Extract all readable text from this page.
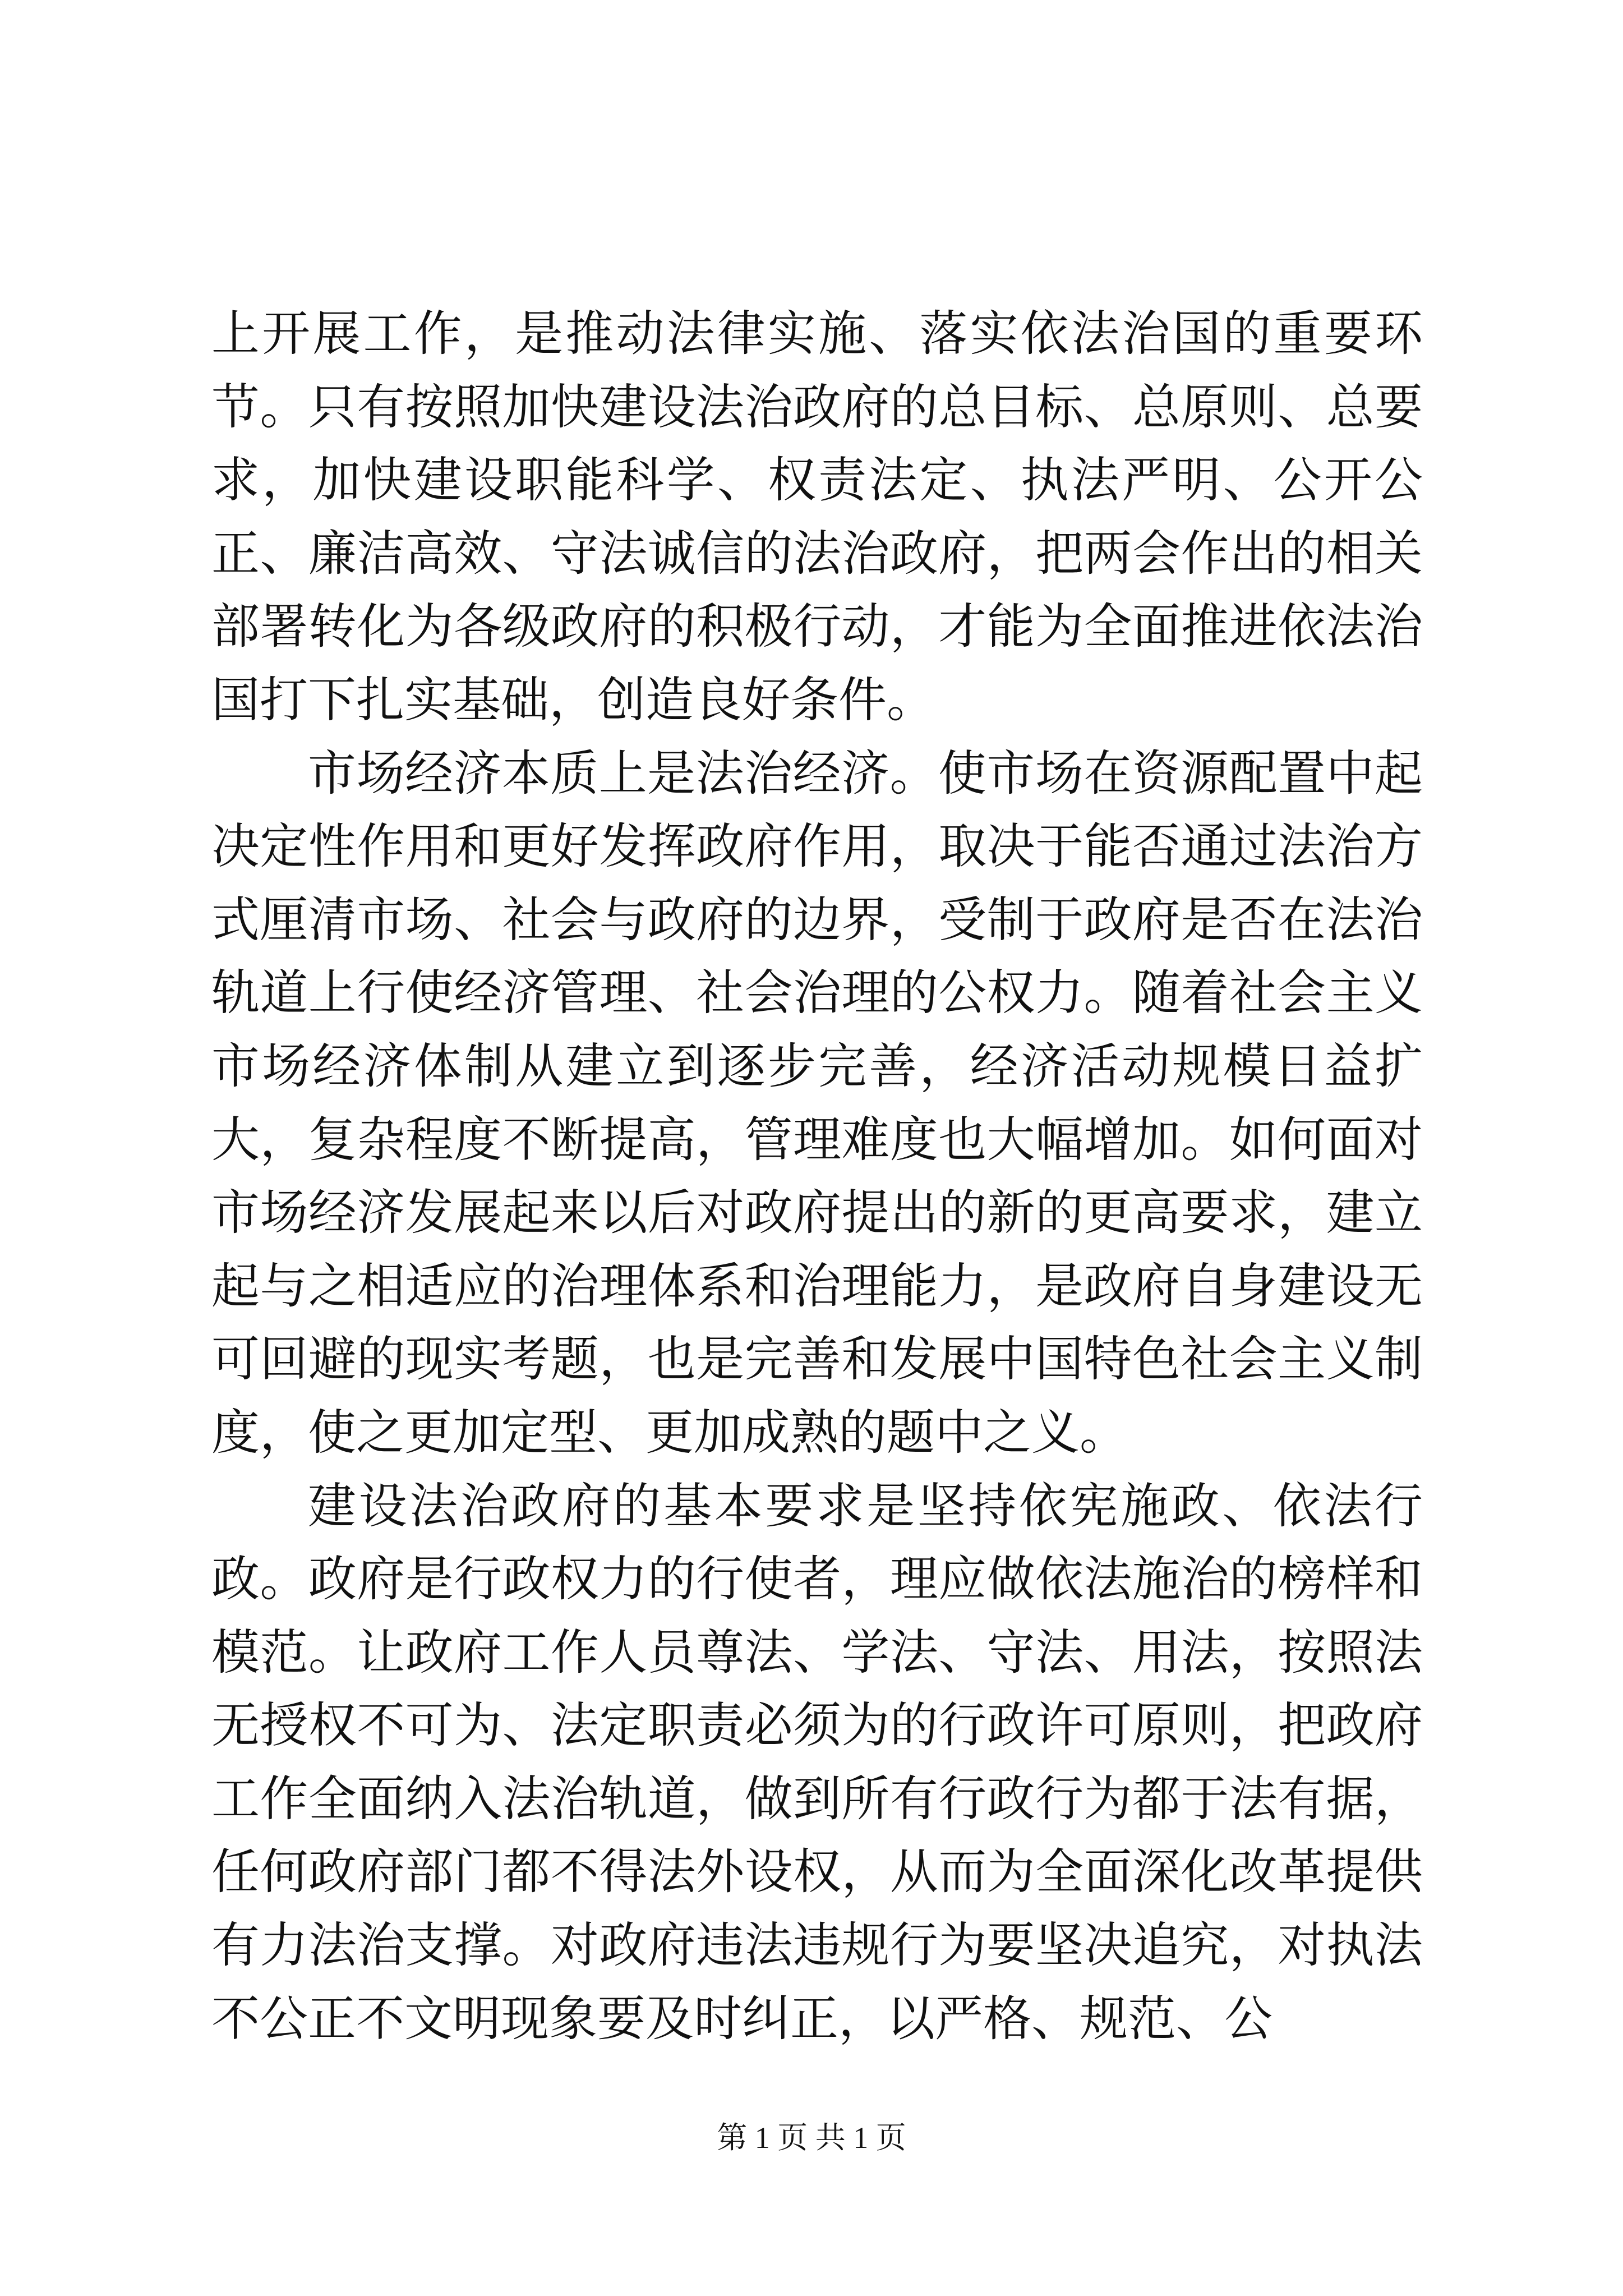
上开展工作，是推动法律实施、落实依法治国的重要环节。只有按照加快建设法治政府的总目标、总原则、总要求，加快建设职能科学、权责法定、执法严明、公开公正、廉洁高效、守法诚信的法治政府，把两会作出的相关部署转化为各级政府的积极行动，才能为全面推进依法治国打下扎实基础，创造良好条件。

市场经济本质上是法治经济。使市场在资源配置中起决定性作用和更好发挥政府作用，取决于能否通过法治方式厘清市场、社会与政府的边界，受制于政府是否在法治轨道上行使经济管理、社会治理的公权力。随着社会主义市场经济体制从建立到逐步完善，经济活动规模日益扩大，复杂程度不断提高，管理难度也大幅增加。如何面对市场经济发展起来以后对政府提出的新的更高要求，建立起与之相适应的治理体系和治理能力，是政府自身建设无可回避的现实考题，也是完善和发展中国特色社会主义制度，使之更加定型、更加成熟的题中之义。

建设法治政府的基本要求是坚持依宪施政、依法行政。政府是行政权力的行使者，理应做依法施治的榜样和模范。让政府工作人员尊法、学法、守法、用法，按照法无授权不可为、法定职责必须为的行政许可原则，把政府工作全面纳入法治轨道，做到所有行政行为都于法有据，任何政府部门都不得法外设权，从而为全面深化改革提供有力法治支撑。对政府违法违规行为要坚决追究，对执法不公正不文明现象要及时纠正，以严格、规范、公

第 1 页 共 1 页
